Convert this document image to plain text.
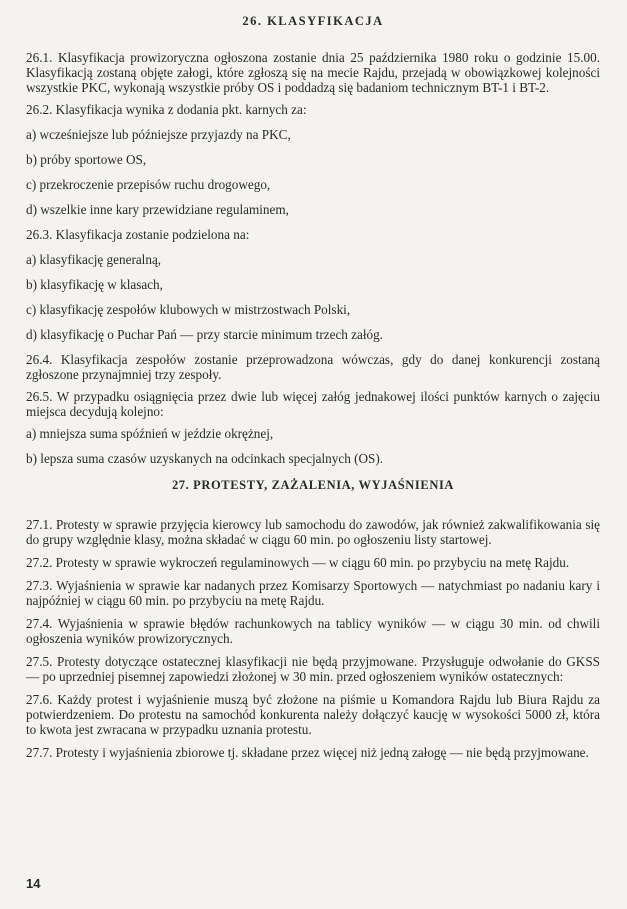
26. KLASYFIKACJA

26.1. Klasyfikacja prowizoryczna ogłoszona zostanie dnia 25 października 1980 roku o godzinie 15.00. Klasyfikacją zostaną objęte załogi, które zgłoszą się na mecie Rajdu, przejadą w obowiązkowej kolejności wszystkie PKC, wykonają wszystkie próby OS i poddadzą się badaniom technicznym BT-1 i BT-2.

26.2. Klasyfikacja wynika z dodania pkt. karnych za:

a) wcześniejsze lub późniejsze przyjazdy na PKC,

b) próby sportowe OS,

c) przekroczenie przepisów ruchu drogowego,

d) wszelkie inne kary przewidziane regulaminem,

26.3. Klasyfikacja zostanie podzielona na:

a) klasyfikację generalną,

b) klasyfikację w klasach,

c) klasyfikację zespołów klubowych w mistrzostwach Polski,

d) klasyfikację o Puchar Pań — przy starcie minimum trzech załóg.

26.4. Klasyfikacja zespołów zostanie przeprowadzona wówczas, gdy do danej konkurencji zostaną zgłoszone przynajmniej trzy zespoły.

26.5. W przypadku osiągnięcia przez dwie lub więcej załóg jednakowej ilości punktów karnych o zajęciu miejsca decydują kolejno:

a) mniejsza suma spóźnień w jeździe okrężnej,

b) lepsza suma czasów uzyskanych na odcinkach specjalnych (OS).

27. PROTESTY, ZAŻALENIA, WYJAŚNIENIA

27.1. Protesty w sprawie przyjęcia kierowcy lub samochodu do zawodów, jak również zakwalifikowania się do grupy względnie klasy, można składać w ciągu 60 min. po ogłoszeniu listy startowej.

27.2. Protesty w sprawie wykroczeń regulaminowych — w ciągu 60 min. po przybyciu na metę Rajdu.

27.3. Wyjaśnienia w sprawie kar nadanych przez Komisarzy Sportowych — natychmiast po nadaniu kary i najpóźniej w ciągu 60 min. po przybyciu na metę Rajdu.

27.4. Wyjaśnienia w sprawie błędów rachunkowych na tablicy wyników — w ciągu 30 min. od chwili ogłoszenia wyników prowizorycznych.

27.5. Protesty dotyczące ostatecznej klasyfikacji nie będą przyjmowane. Przysługuje odwołanie do GKSS — po uprzedniej pisemnej zapowiedzi złożonej w 30 min. przed ogłoszeniem wyników ostatecznych:

27.6. Każdy protest i wyjaśnienie muszą być złożone na piśmie u Komandora Rajdu lub Biura Rajdu za potwierdzeniem. Do protestu na samochód konkurenta należy dołączyć kaucję w wysokości 5000 zł, która to kwota jest zwracana w przypadku uznania protestu.

27.7. Protesty i wyjaśnienia zbiorowe tj. składane przez więcej niż jedną załogę — nie będą przyjmowane.

14
